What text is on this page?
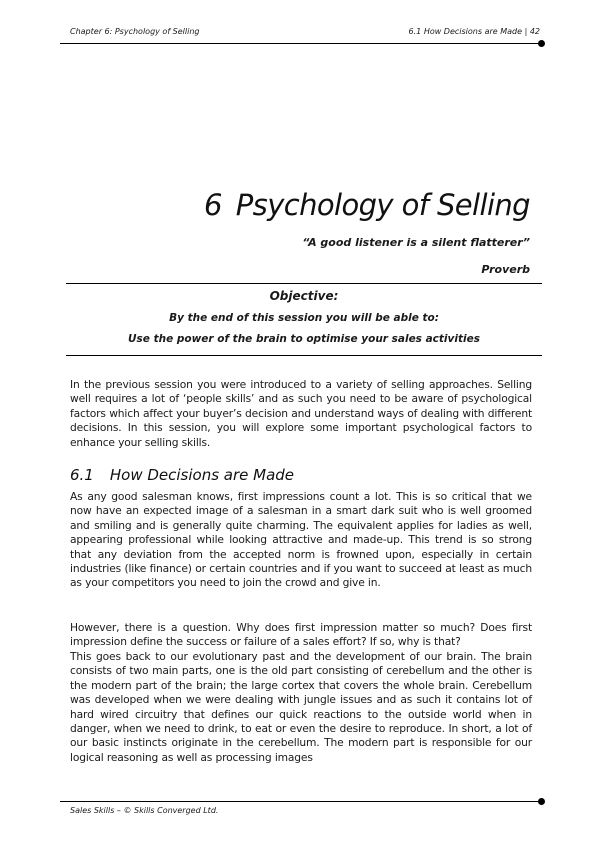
Chapter 6: Psychology of Selling	6.1 How Decisions are Made | 42
6 Psychology of Selling
“A good listener is a silent flatterer”
Proverb
Objective:
By the end of this session you will be able to:
Use the power of the brain to optimise your sales activities
In the previous session you were introduced to a variety of selling approaches. Selling well requires a lot of ‘people skills’ and as such you need to be aware of psychological factors which affect your buyer’s decision and understand ways of dealing with different decisions. In this session, you will explore some important psychological factors to enhance your selling skills.
6.1 How Decisions are Made
As any good salesman knows, first impressions count a lot. This is so critical that we now have an expected image of a salesman in a smart dark suit who is well groomed and smiling and is generally quite charming. The equivalent applies for ladies as well, appearing professional while looking attractive and made-up. This trend is so strong that any deviation from the accepted norm is frowned upon, especially in certain industries (like finance) or certain countries and if you want to succeed at least as much as your competitors you need to join the crowd and give in.
However, there is a question. Why does first impression matter so much? Does first impression define the success or failure of a sales effort? If so, why is that?
This goes back to our evolutionary past and the development of our brain. The brain consists of two main parts, one is the old part consisting of cerebellum and the other is the modern part of the brain; the large cortex that covers the whole brain. Cerebellum was developed when we were dealing with jungle issues and as such it contains lot of hard wired circuitry that defines our quick reactions to the outside world when in danger, when we need to drink, to eat or even the desire to reproduce. In short, a lot of our basic instincts originate in the cerebellum. The modern part is responsible for our logical reasoning as well as processing images
Sales Skills – © Skills Converged Ltd.
